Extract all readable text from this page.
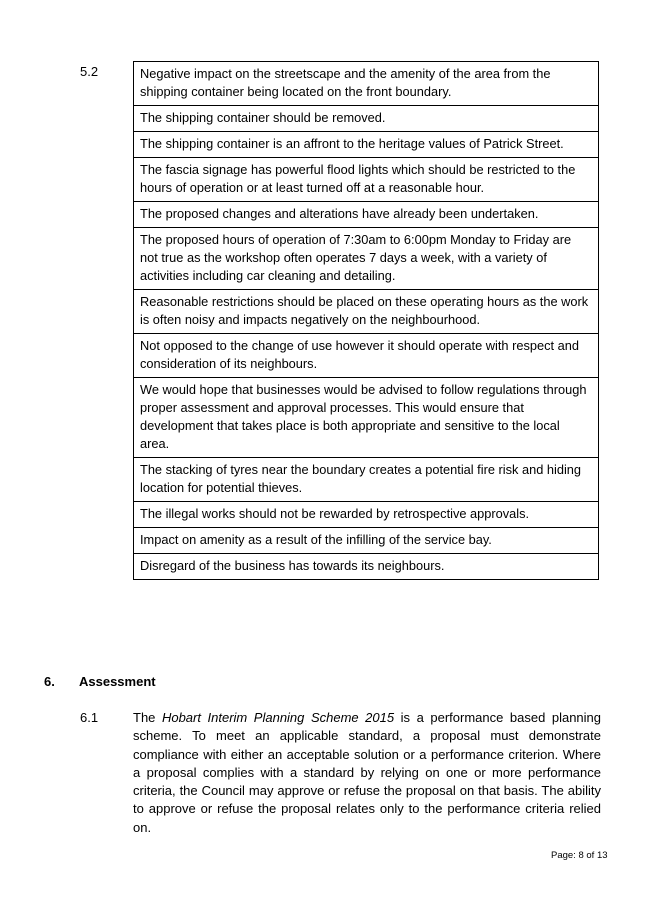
5.2	Negative impact on the streetscape and the amenity of the area from the shipping container being located on the front boundary.
The shipping container should be removed.
The shipping container is an affront to the heritage values of Patrick Street.
The fascia signage has powerful flood lights which should be restricted to the hours of operation or at least turned off at a reasonable hour.
The proposed changes and alterations have already been undertaken.
The proposed hours of operation of 7:30am to 6:00pm Monday to Friday are not true as the workshop often operates 7 days a week, with a variety of activities including car cleaning and detailing.
Reasonable restrictions should be placed on these operating hours as the work is often noisy and impacts negatively on the neighbourhood.
Not opposed to the change of use however it should operate with respect and consideration of its neighbours.
We would hope that businesses would be advised to follow regulations through proper assessment and approval processes. This would ensure that development that takes place is both appropriate and sensitive to the local area.
The stacking of tyres near the boundary creates a potential fire risk and hiding location for potential thieves.
The illegal works should not be rewarded by retrospective approvals.
Impact on amenity as a result of the infilling of the service bay.
Disregard of the business has towards its neighbours.
6. Assessment
6.1	The Hobart Interim Planning Scheme 2015 is a performance based planning scheme. To meet an applicable standard, a proposal must demonstrate compliance with either an acceptable solution or a performance criterion. Where a proposal complies with a standard by relying on one or more performance criteria, the Council may approve or refuse the proposal on that basis. The ability to approve or refuse the proposal relates only to the performance criteria relied on.
Page: 8 of 13
